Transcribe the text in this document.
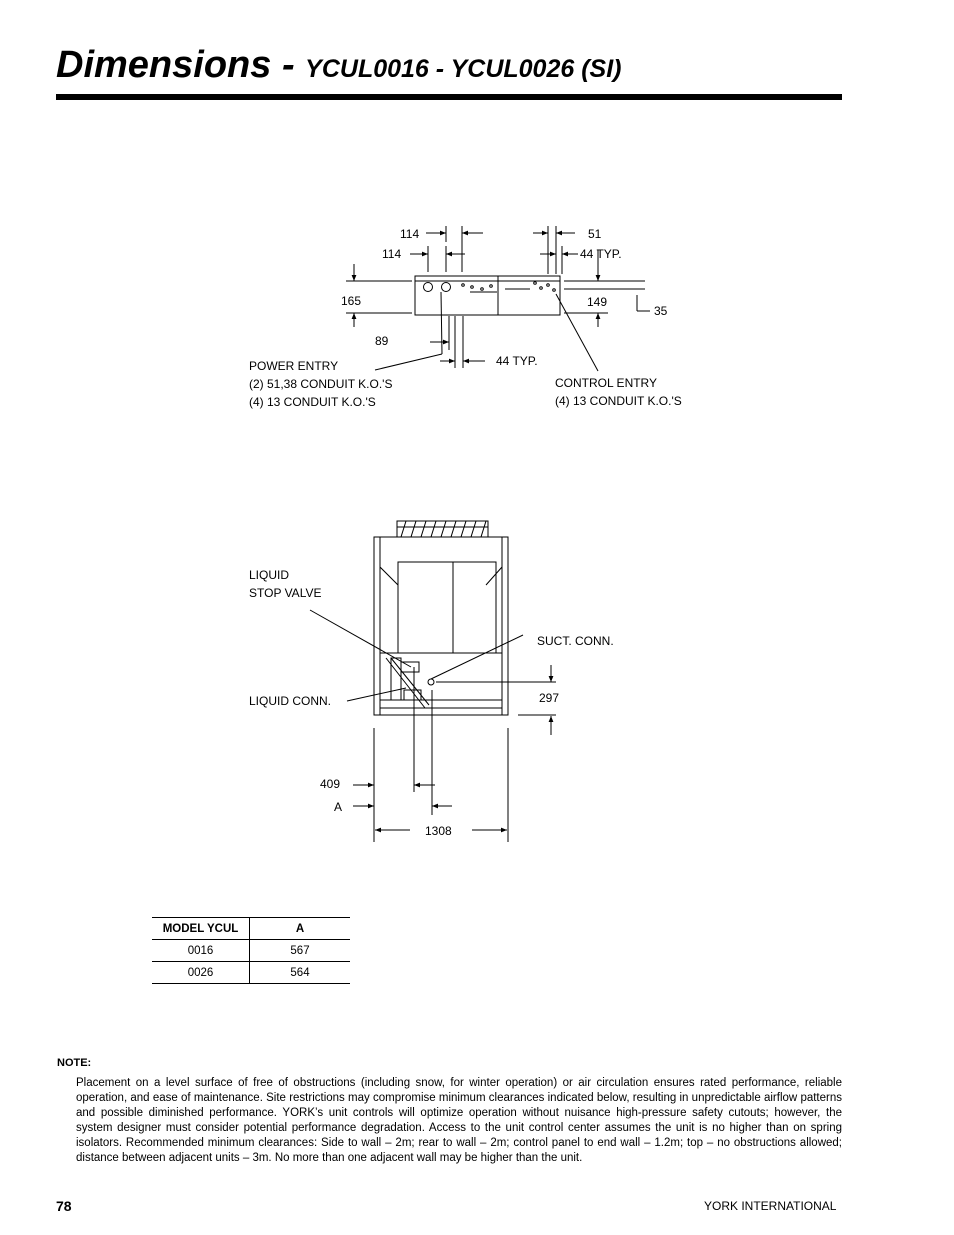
Dimensions - YCUL0016 - YCUL0026 (SI)
114
114
51
44 TYP.
165	149
35
89
44 TYP.
POWER ENTRY
(2) 51,38 CONDUIT K.O.'S
(4) 13 CONDUIT K.O.'S
CONTROL ENTRY
(4) 13 CONDUIT K.O.'S
LIQUID
STOP VALVE
SUCT. CONN.
LIQUID CONN.	297
409
A
1308
MODEL YCUL	A
0016	567
0026	564
NOTE:

Placement on a level surface of free of obstructions (including snow, for winter operation) or air circulation ensures rated performance, reliable operation, and ease of maintenance. Site restrictions may compromise minimum clearances indicated below, resulting in unpredictable airflow patterns and possible diminished performance. YORK’s unit controls will optimize operation without nuisance high-pressure safety cutouts; however, the system designer must consider potential performance degradation. Access to the unit control center assumes the unit is no higher than on spring isolators. Recommended minimum clearances: Side to wall – 2m; rear to wall – 2m; control panel to end wall – 1.2m; top – no obstructions allowed; distance between adjacent units – 3m. No more than one adjacent wall may be higher than the unit.

78	YORK INTERNATIONAL
